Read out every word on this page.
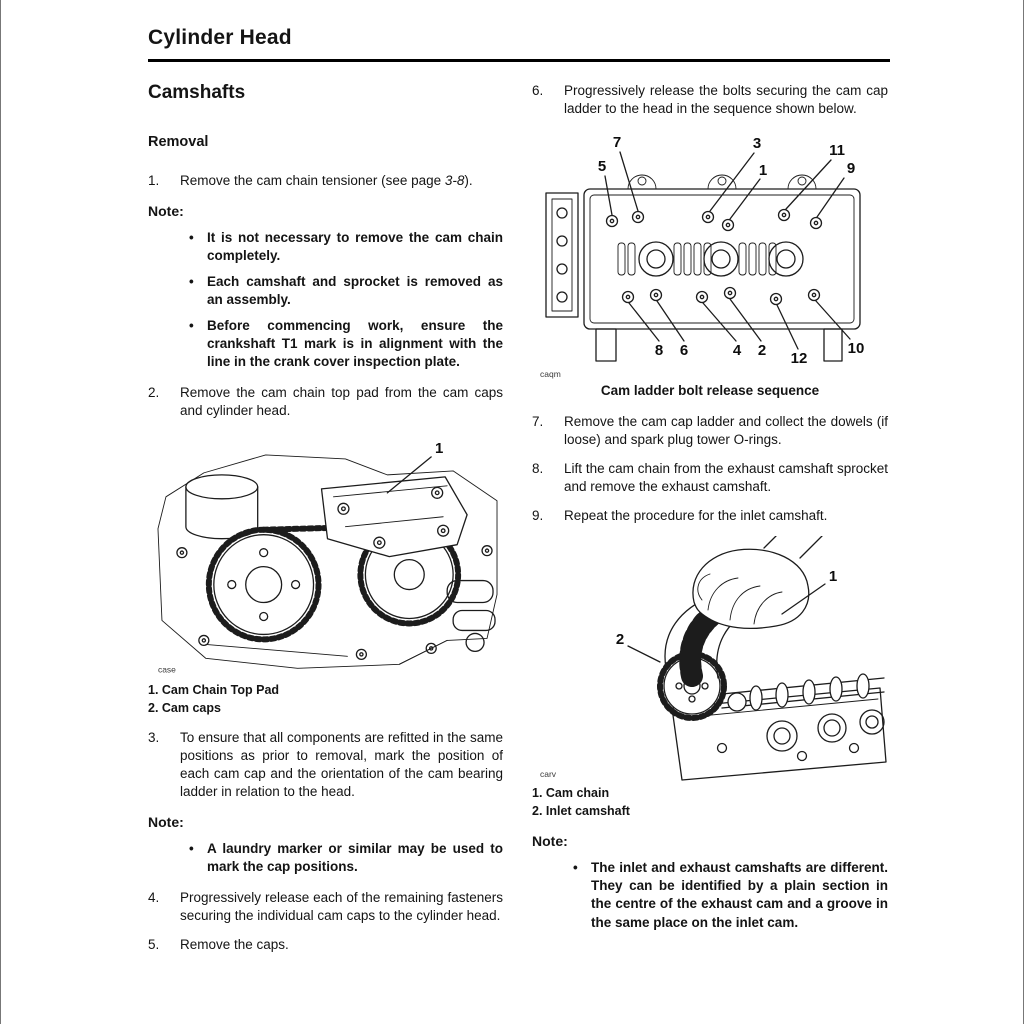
Cylinder Head
Camshafts
Removal
1.	Remove the cam chain tensioner (see page 3-8).

Note:

• It is not necessary to remove the cam chain completely.
• Each camshaft and sprocket is removed as an assembly.
• Before commencing work, ensure the crankshaft T1 mark is in alignment with the line in the crank cover inspection plate.
2.	Remove the cam chain top pad from the cam caps and cylinder head.
1
case
1. Cam Chain Top Pad
2. Cam caps
3.	To ensure that all components are refitted in the same positions as prior to removal, mark the position of each cam cap and the orientation of the cam bearing ladder in relation to the head.

Note:

• A laundry marker or similar may be used to mark the cap positions.
4.	Progressively release each of the remaining fasteners securing the individual cam caps to the cylinder head.
5.	Remove the caps.
6.	Progressively release the bolts securing the cam cap ladder to the head in the sequence shown below.
7
5
3
1
11
9
8 6	4 2 12
10
caqm
Cam ladder bolt release sequence
7.	Remove the cam cap ladder and collect the dowels (if loose) and spark plug tower O-rings.
8.	Lift the cam chain from the exhaust camshaft sprocket and remove the exhaust camshaft.
9.	Repeat the procedure for the inlet camshaft.
1
2
carv
1. Cam chain
2. Inlet camshaft

Note:

• The inlet and exhaust camshafts are different. They can be identified by a plain section in the centre of the exhaust cam and a groove in the same place on the inlet cam.
